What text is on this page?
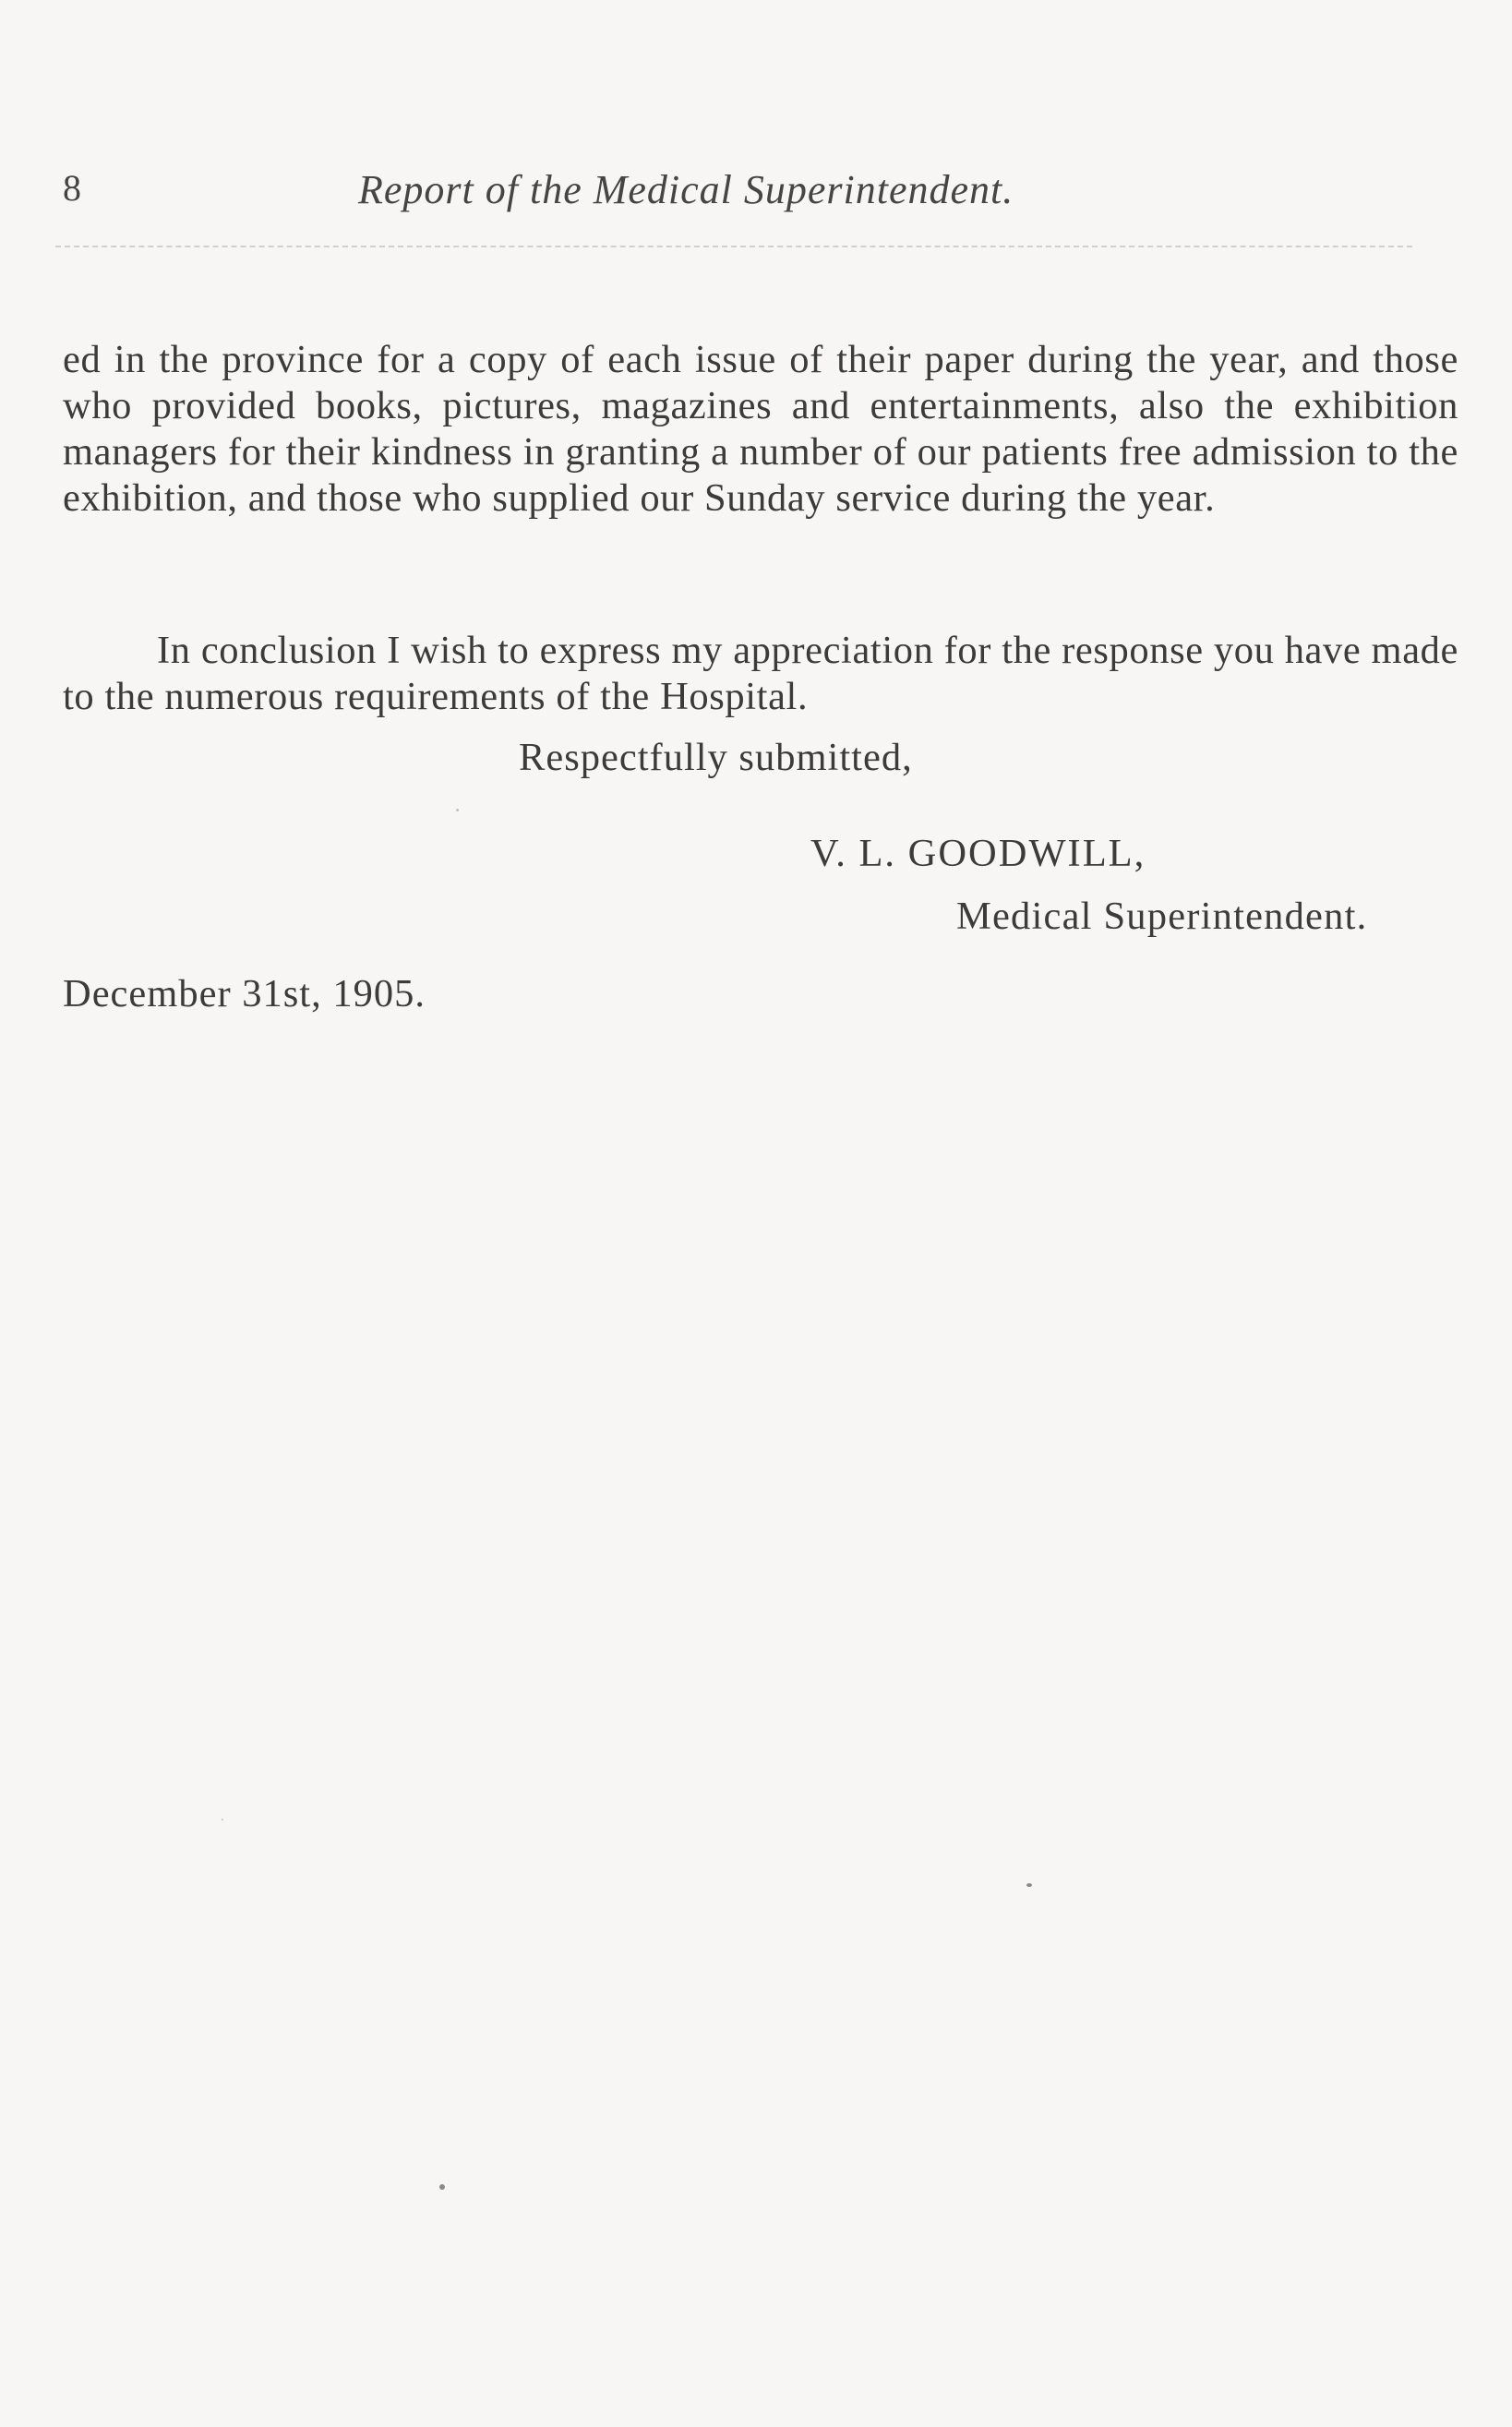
8	Report of the Medical Superintendent.

ed in the province for a copy of each issue of their paper during the year, and those who provided books, pictures, magazines and entertainments, also the exhibition managers for their kindness in granting a number of our patients free admission to the exhibition, and those who supplied our Sunday service during the year.

In conclusion I wish to express my appreciation for the response you have made to the numerous requirements of the Hospital.

Respectfully submitted,
V. L. GOODWILL,
Medical Superintendent.
December 31st, 1905.
